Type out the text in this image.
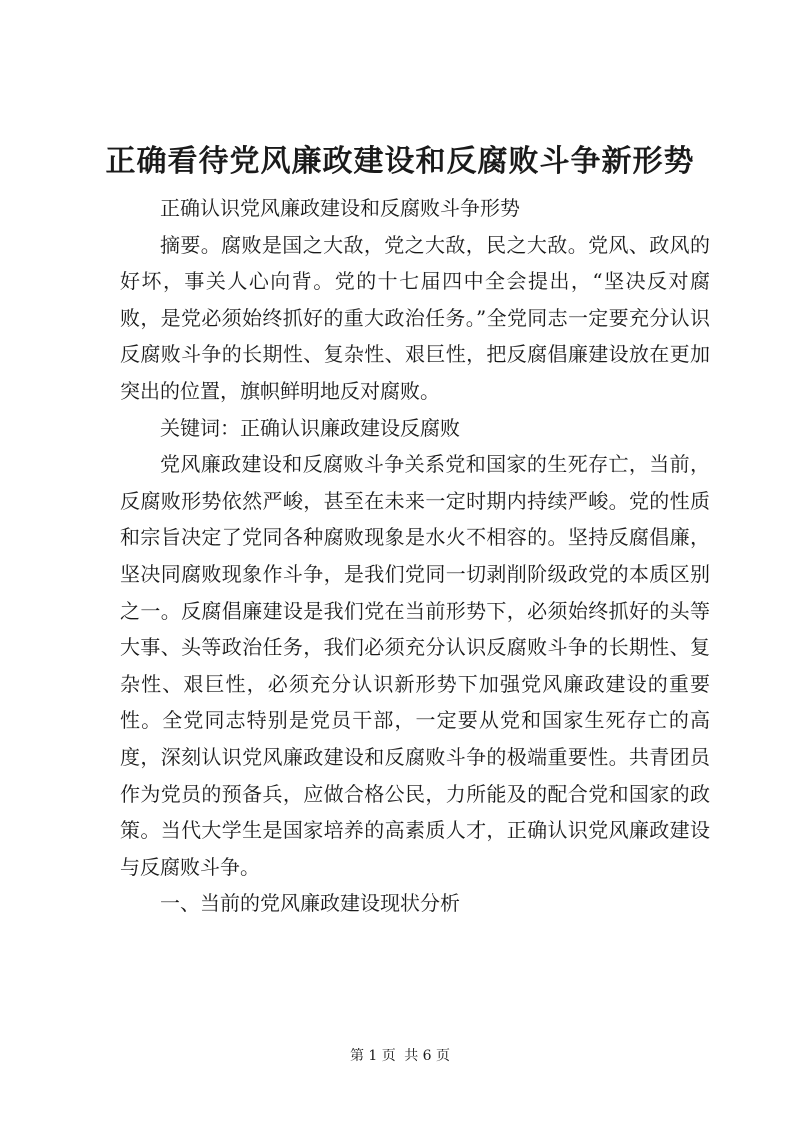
正确看待党风廉政建设和反腐败斗争新形势

正确认识党风廉政建设和反腐败斗争形势

摘要。腐败是国之大敌，党之大敌，民之大敌。党风、政风的好坏，事关人心向背。党的十七届四中全会提出，“坚决反对腐败，是党必须始终抓好的重大政治任务。”全党同志一定要充分认识反腐败斗争的长期性、复杂性、艰巨性，把反腐倡廉建设放在更加突出的位置，旗帜鲜明地反对腐败。

关键词：正确认识廉政建设反腐败

党风廉政建设和反腐败斗争关系党和国家的生死存亡，当前，反腐败形势依然严峻，甚至在未来一定时期内持续严峻。党的性质和宗旨决定了党同各种腐败现象是水火不相容的。坚持反腐倡廉，坚决同腐败现象作斗争，是我们党同一切剥削阶级政党的本质区别之一。反腐倡廉建设是我们党在当前形势下，必须始终抓好的头等大事、头等政治任务，我们必须充分认识反腐败斗争的长期性、复杂性、艰巨性，必须充分认识新形势下加强党风廉政建设的重要性。全党同志特别是党员干部，一定要从党和国家生死存亡的高度，深刻认识党风廉政建设和反腐败斗争的极端重要性。共青团员作为党员的预备兵，应做合格公民，力所能及的配合党和国家的政策。当代大学生是国家培养的高素质人才，正确认识党风廉政建设与反腐败斗争。

一、当前的党风廉政建设现状分析

第 1 页 共 6 页
